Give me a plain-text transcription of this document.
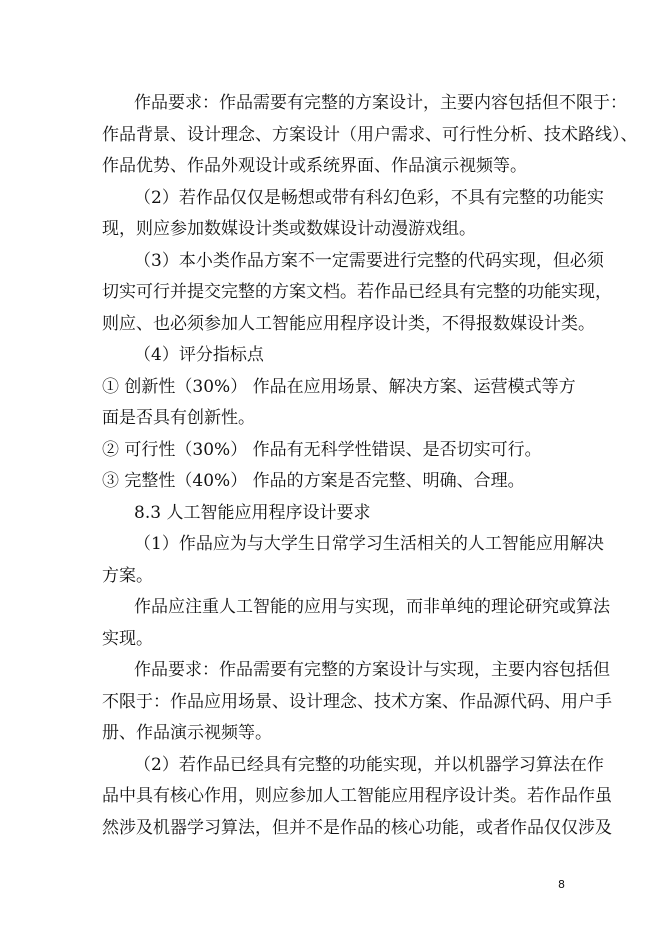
作品要求：作品需要有完整的方案设计，主要内容包括但不限于：
作品背景、设计理念、方案设计（用户需求、可行性分析、技术路线）、
作品优势、作品外观设计或系统界面、作品演示视频等。
（2）若作品仅仅是畅想或带有科幻色彩，不具有完整的功能实
现，则应参加数媒设计类或数媒设计动漫游戏组。
（3）本小类作品方案不一定需要进行完整的代码实现，但必须
切实可行并提交完整的方案文档。若作品已经具有完整的功能实现，
则应、也必须参加人工智能应用程序设计类，不得报数媒设计类。
（4）评分指标点
① 创新性（30%） 作品在应用场景、解决方案、运营模式等方
面是否具有创新性。
② 可行性（30%） 作品有无科学性错误、是否切实可行。
③ 完整性（40%） 作品的方案是否完整、明确、合理。
8.3 人工智能应用程序设计要求
（1）作品应为与大学生日常学习生活相关的人工智能应用解决
方案。
作品应注重人工智能的应用与实现，而非单纯的理论研究或算法
实现。
作品要求：作品需要有完整的方案设计与实现，主要内容包括但
不限于：作品应用场景、设计理念、技术方案、作品源代码、用户手
册、作品演示视频等。
（2）若作品已经具有完整的功能实现，并以机器学习算法在作
品中具有核心作用，则应参加人工智能应用程序设计类。若作品作虽
然涉及机器学习算法，但并不是作品的核心功能，或者作品仅仅涉及
8
